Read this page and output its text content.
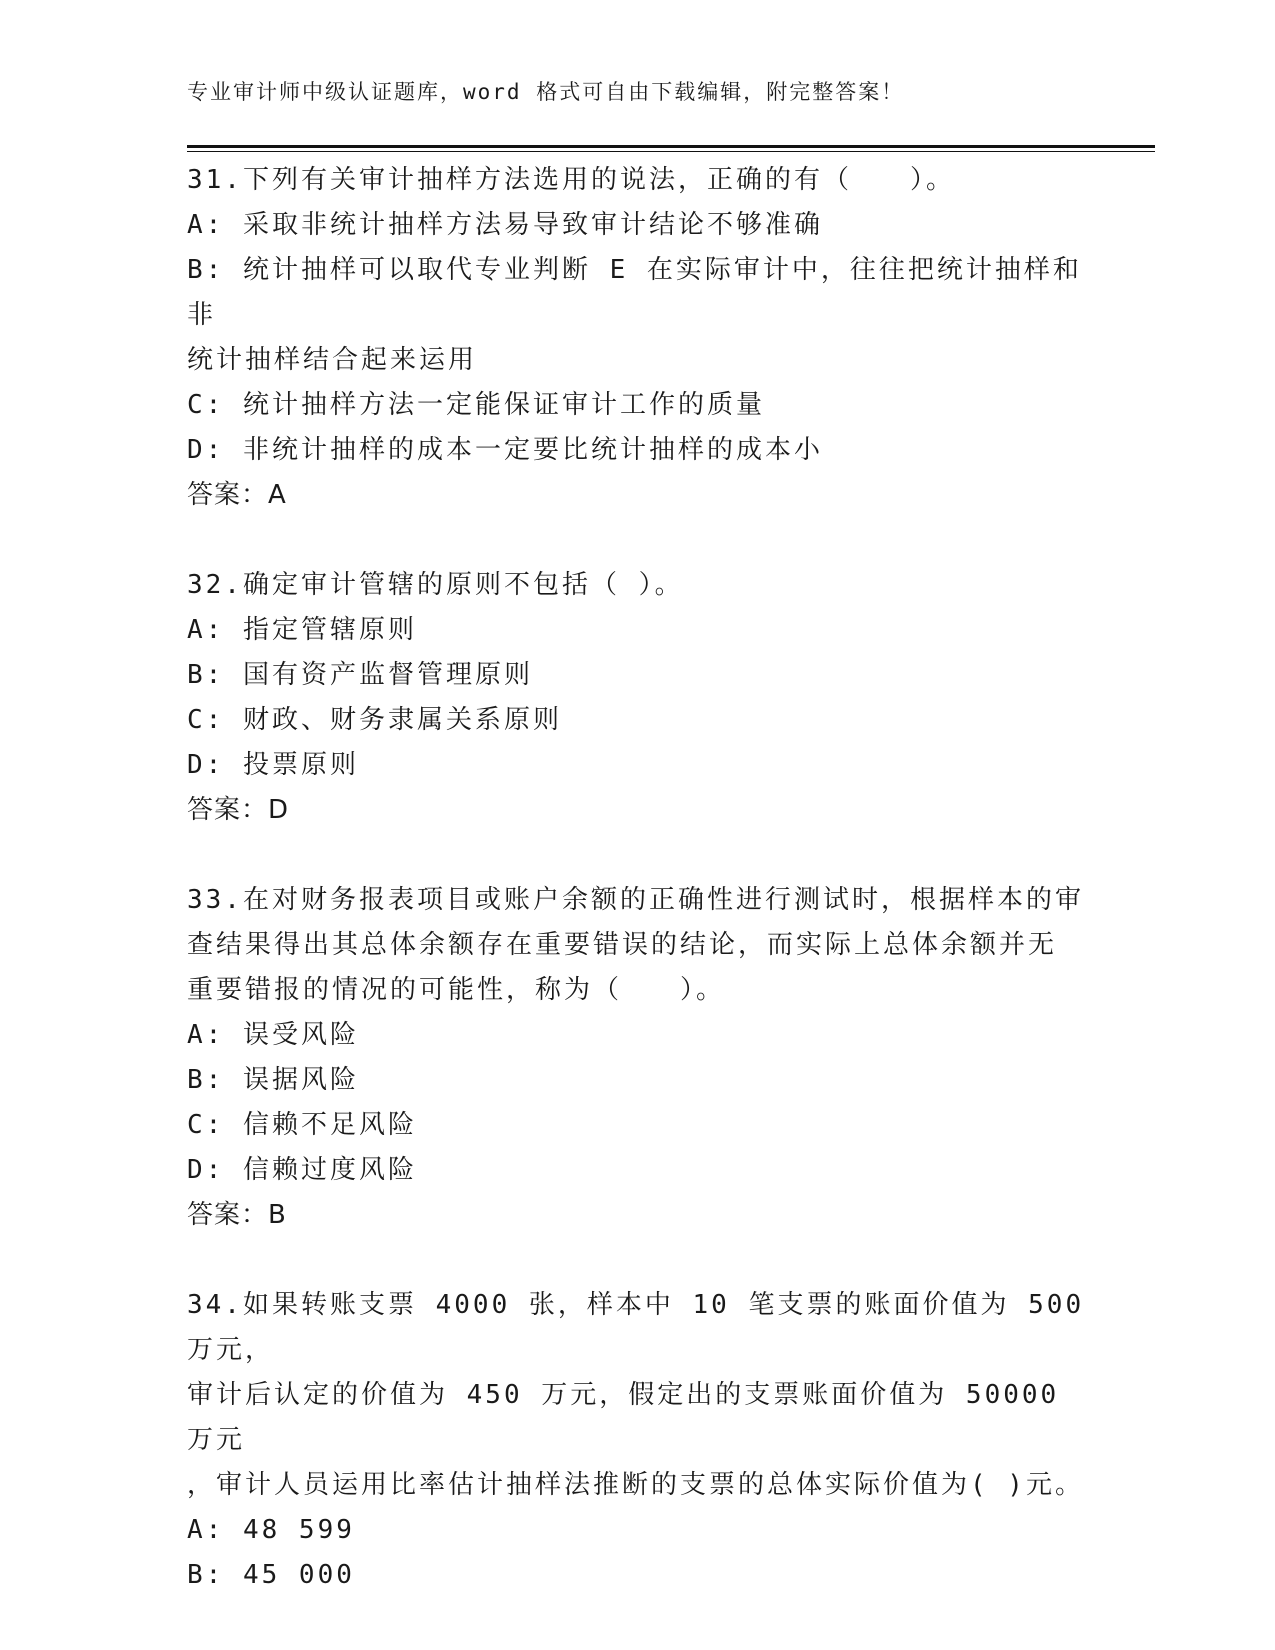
专业审计师中级认证题库，word 格式可自由下载编辑，附完整答案！

31.下列有关审计抽样方法选用的说法，正确的有（　　）。

A: 采取非统计抽样方法易导致审计结论不够准确

B: 统计抽样可以取代专业判断 E 在实际审计中，往往把统计抽样和非

统计抽样结合起来运用

C: 统计抽样方法一定能保证审计工作的质量

D: 非统计抽样的成本一定要比统计抽样的成本小

答案：A

32.确定审计管辖的原则不包括（ ）。

A: 指定管辖原则

B: 国有资产监督管理原则

C: 财政、财务隶属关系原则

D: 投票原则

答案：D

33.在对财务报表项目或账户余额的正确性进行测试时，根据样本的审

查结果得出其总体余额存在重要错误的结论，而实际上总体余额并无

重要错报的情况的可能性，称为（　　）。

A: 误受风险

B: 误据风险

C: 信赖不足风险

D: 信赖过度风险

答案：B

34.如果转账支票 4000 张，样本中 10 笔支票的账面价值为 500 万元，

审计后认定的价值为 450 万元，假定出的支票账面价值为 50000 万元

，审计人员运用比率估计抽样法推断的支票的总体实际价值为( )元。

A: 48 599

B: 45 000
